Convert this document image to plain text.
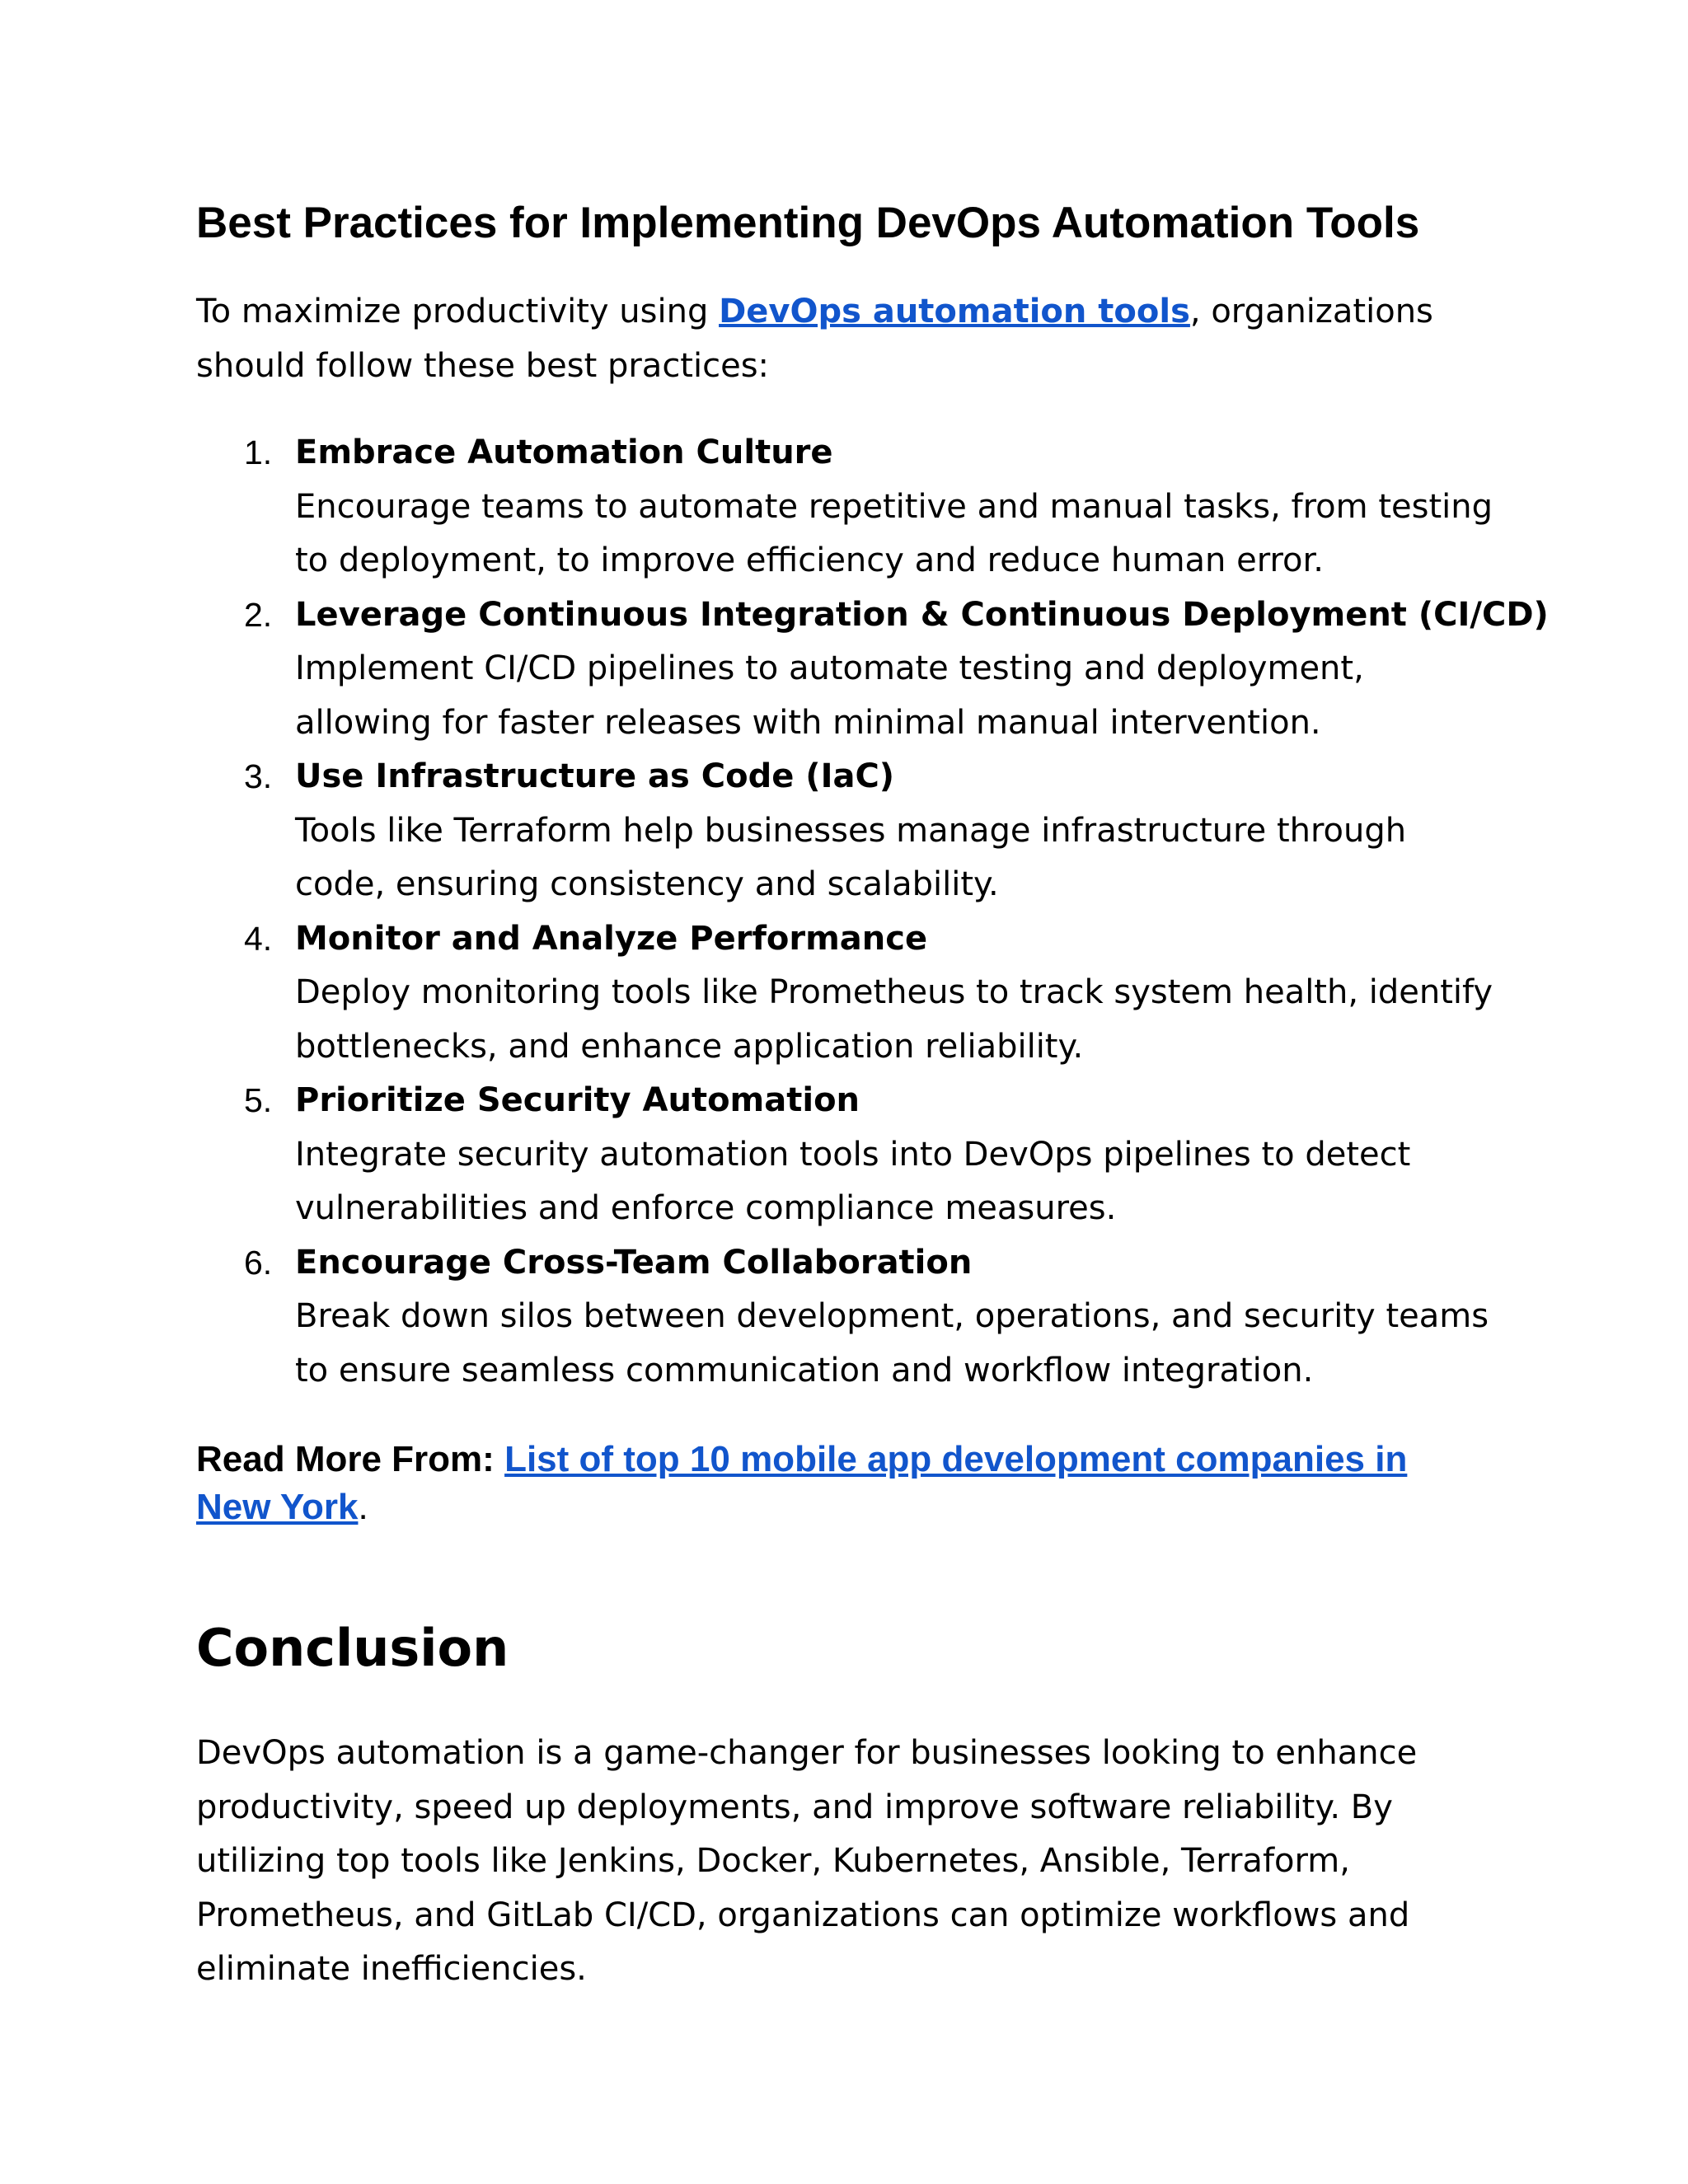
Best Practices for Implementing DevOps Automation Tools

To maximize productivity using DevOps automation tools, organizations should follow these best practices:

1. Embrace Automation Culture
Encourage teams to automate repetitive and manual tasks, from testing to deployment, to improve efficiency and reduce human error.
2. Leverage Continuous Integration & Continuous Deployment (CI/CD)
Implement CI/CD pipelines to automate testing and deployment, allowing for faster releases with minimal manual intervention.
3. Use Infrastructure as Code (IaC)
Tools like Terraform help businesses manage infrastructure through code, ensuring consistency and scalability.
4. Monitor and Analyze Performance
Deploy monitoring tools like Prometheus to track system health, identify bottlenecks, and enhance application reliability.
5. Prioritize Security Automation
Integrate security automation tools into DevOps pipelines to detect vulnerabilities and enforce compliance measures.
6. Encourage Cross-Team Collaboration
Break down silos between development, operations, and security teams to ensure seamless communication and workflow integration.

Read More From: List of top 10 mobile app development companies in New York.

Conclusion

DevOps automation is a game-changer for businesses looking to enhance productivity, speed up deployments, and improve software reliability. By utilizing top tools like Jenkins, Docker, Kubernetes, Ansible, Terraform, Prometheus, and GitLab CI/CD, organizations can optimize workflows and eliminate inefficiencies.
